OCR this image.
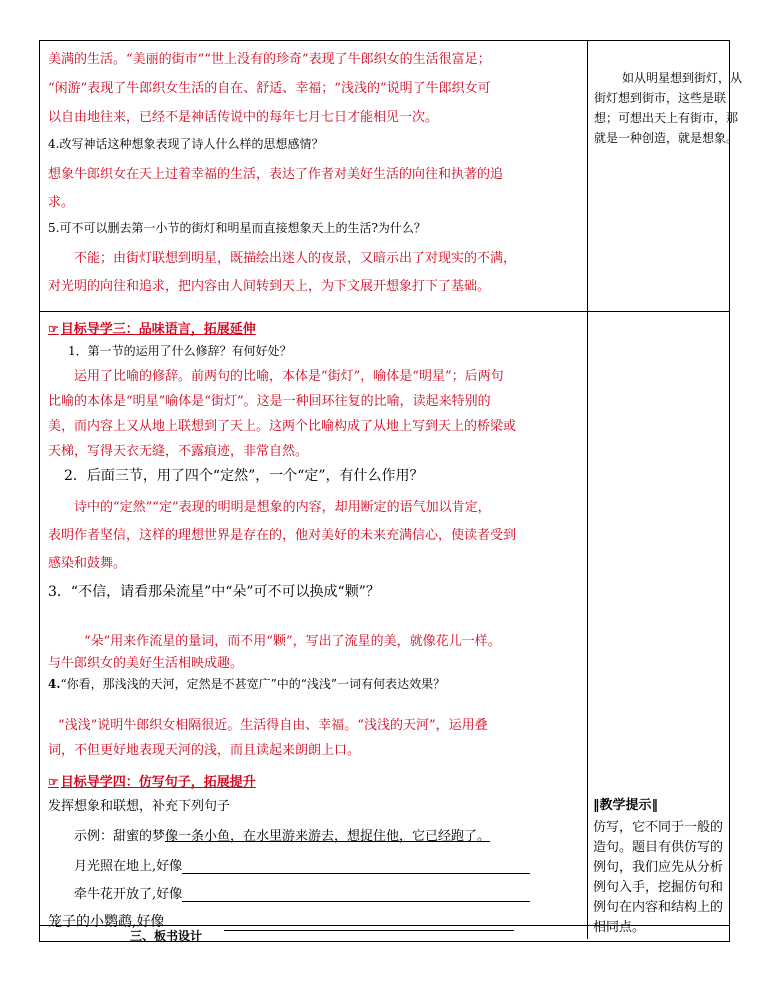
美满的生活。“美丽的街市”“世上没有的珍奇”表现了牛郎织女的生活很富足；

“闲游”表现了牛郎织女生活的自在、舒适、幸福；“浅浅的”说明了牛郎织女可

以自由地往来，已经不是神话传说中的每年七月七日才能相见一次。

4.改写神话这种想象表现了诗人什么样的思想感情？

想象牛郎织女在天上过着幸福的生活，表达了作者对美好生活的向往和执著的追

求。

5.可不可以删去第一小节的街灯和明星而直接想象天上的生活?为什么？

不能；由街灯联想到明星，既描绘出迷人的夜景，又暗示出了对现实的不满，

对光明的向往和追求，把内容由人间转到天上，为下文展开想象打下了基础。

如从明星想到街灯，从

街灯想到街市，这些是联

想；可想出天上有街市，那

就是一种创造，就是想象。

☞ 目标导学三：品味语言，拓展延伸

1．第一节的运用了什么修辞？有何好处？

运用了比喻的修辞。前两句的比喻，本体是“街灯”，喻体是“明星”；后两句

比喻的本体是“明星”喻体是“街灯”。这是一种回环往复的比喻，读起来特别的

美，而内容上又从地上联想到了天上。这两个比喻构成了从地上写到天上的桥梁或

天梯，写得天衣无缝，不露痕迹，非常自然。

2．后面三节，用了四个“定然”，一个“定”，有什么作用？

诗中的“定然”“定”表现的明明是想象的内容，却用断定的语气加以肯定，

表明作者坚信，这样的理想世界是存在的，他对美好的未来充满信心，使读者受到

感染和鼓舞。

3．“不信，请看那朵流星”中“朵”可不可以换成“颗”？

“朵”用来作流星的量词，而不用“颗”，写出了流星的美，就像花儿一样。

与牛郎织女的美好生活相映成趣。

4.“你看，那浅浅的天河，定然是不甚宽广”中的“浅浅”一词有何表达效果？

“浅浅”说明牛郎织女相隔很近。生活得自由、幸福。“浅浅的天河”，运用叠

词，不但更好地表现天河的浅，而且读起来朗朗上口。

☞ 目标导学四：仿写句子，拓展提升

发挥想象和联想，补充下列句子

示例：甜蜜的梦像一条小鱼，在水里游来游去，想捉住他，它已经跑了。

月光照在地上,好像

牵牛花开放了,好像

笼子的小鹦鹉,好像

‖教学提示‖

仿写，它不同于一般的

造句。题目有供仿写的

例句，我们应先从分析

例句入手，挖掘仿句和

例句在内容和结构上的

相同点。

三、板书设计
